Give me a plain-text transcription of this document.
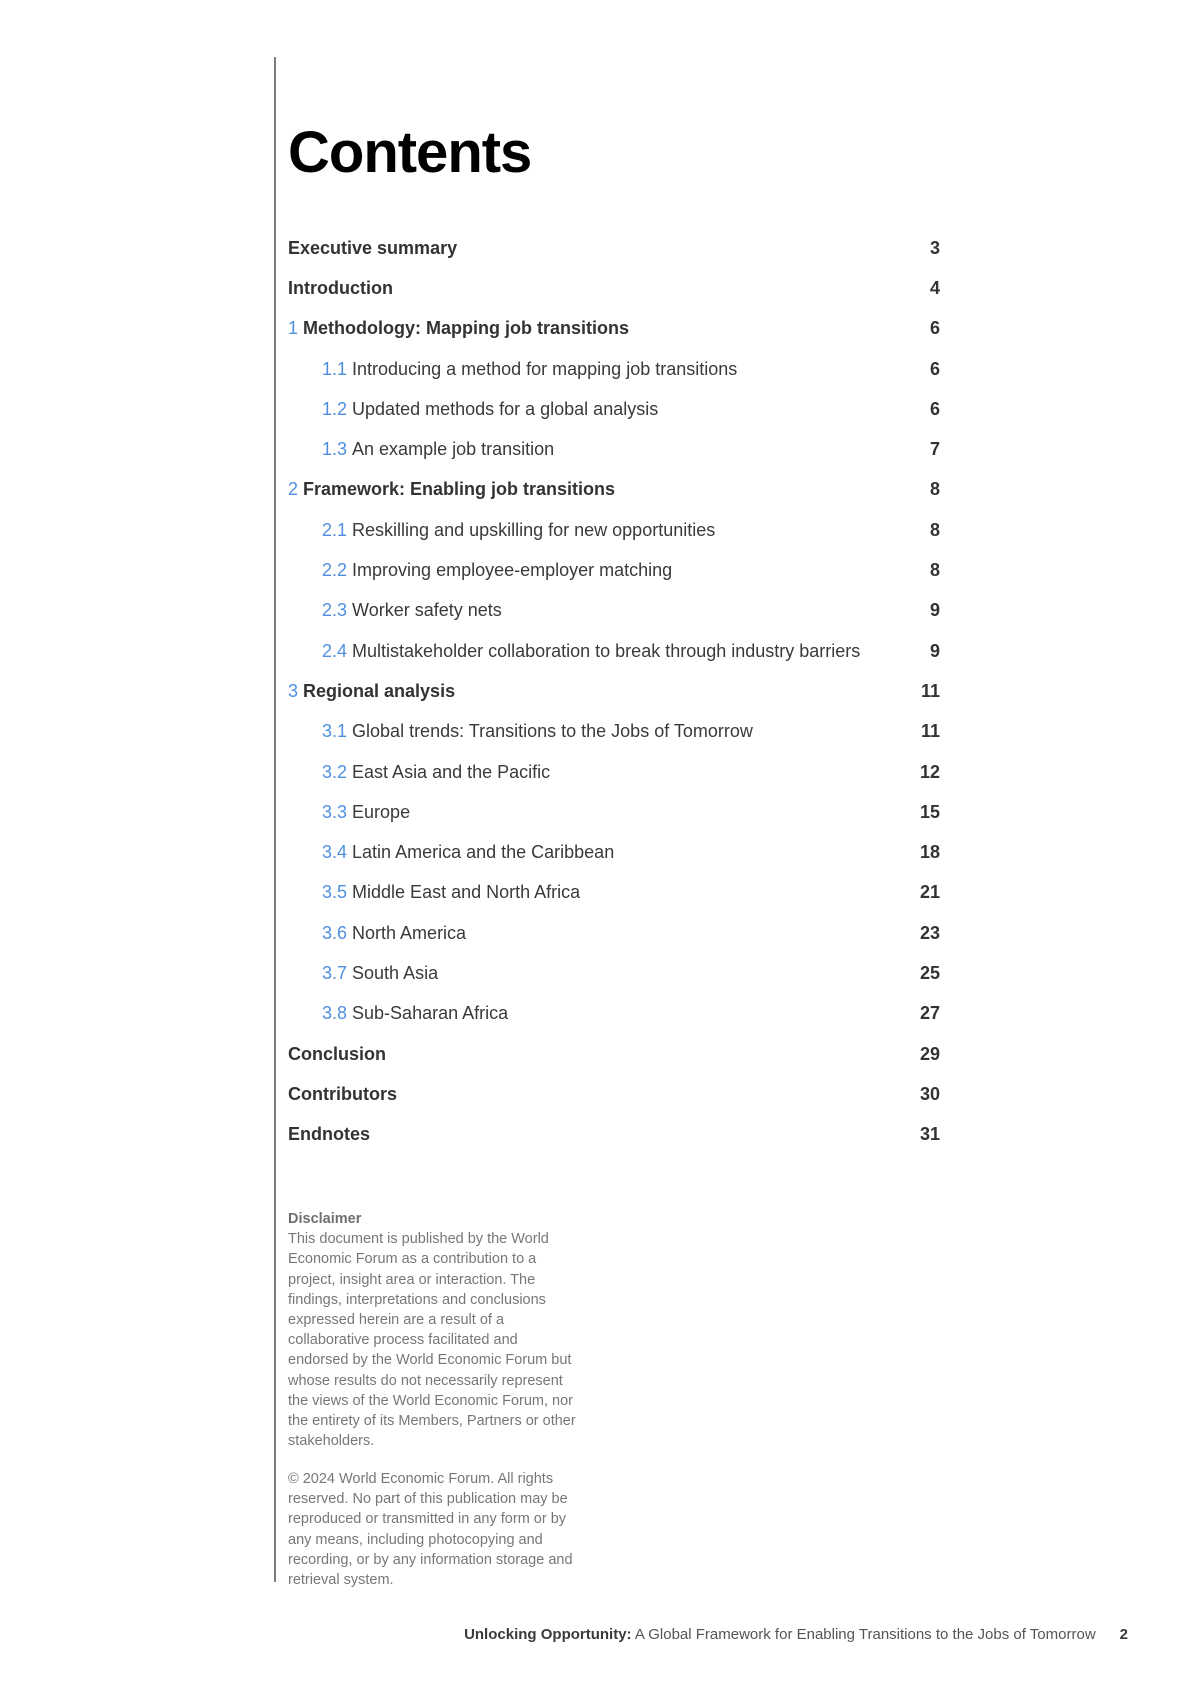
Contents
Executive summary	3
Introduction	4
1 Methodology: Mapping job transitions	6
1.1 Introducing a method for mapping job transitions	6
1.2 Updated methods for a global analysis	6
1.3 An example job transition	7
2 Framework: Enabling job transitions	8
2.1 Reskilling and upskilling for new opportunities	8
2.2 Improving employee-employer matching	8
2.3 Worker safety nets	9
2.4 Multistakeholder collaboration to break through industry barriers	9
3 Regional analysis	11
3.1 Global trends: Transitions to the Jobs of Tomorrow	11
3.2 East Asia and the Pacific	12
3.3 Europe	15
3.4 Latin America and the Caribbean	18
3.5 Middle East and North Africa	21
3.6 North America	23
3.7 South Asia	25
3.8 Sub-Saharan Africa	27
Conclusion	29
Contributors	30
Endnotes	31
Disclaimer
This document is published by the World Economic Forum as a contribution to a project, insight area or interaction. The findings, interpretations and conclusions expressed herein are a result of a collaborative process facilitated and endorsed by the World Economic Forum but whose results do not necessarily represent the views of the World Economic Forum, nor the entirety of its Members, Partners or other stakeholders.
© 2024 World Economic Forum. All rights reserved. No part of this publication may be reproduced or transmitted in any form or by any means, including photocopying and recording, or by any information storage and retrieval system.
Unlocking Opportunity: A Global Framework for Enabling Transitions to the Jobs of Tomorrow 2
